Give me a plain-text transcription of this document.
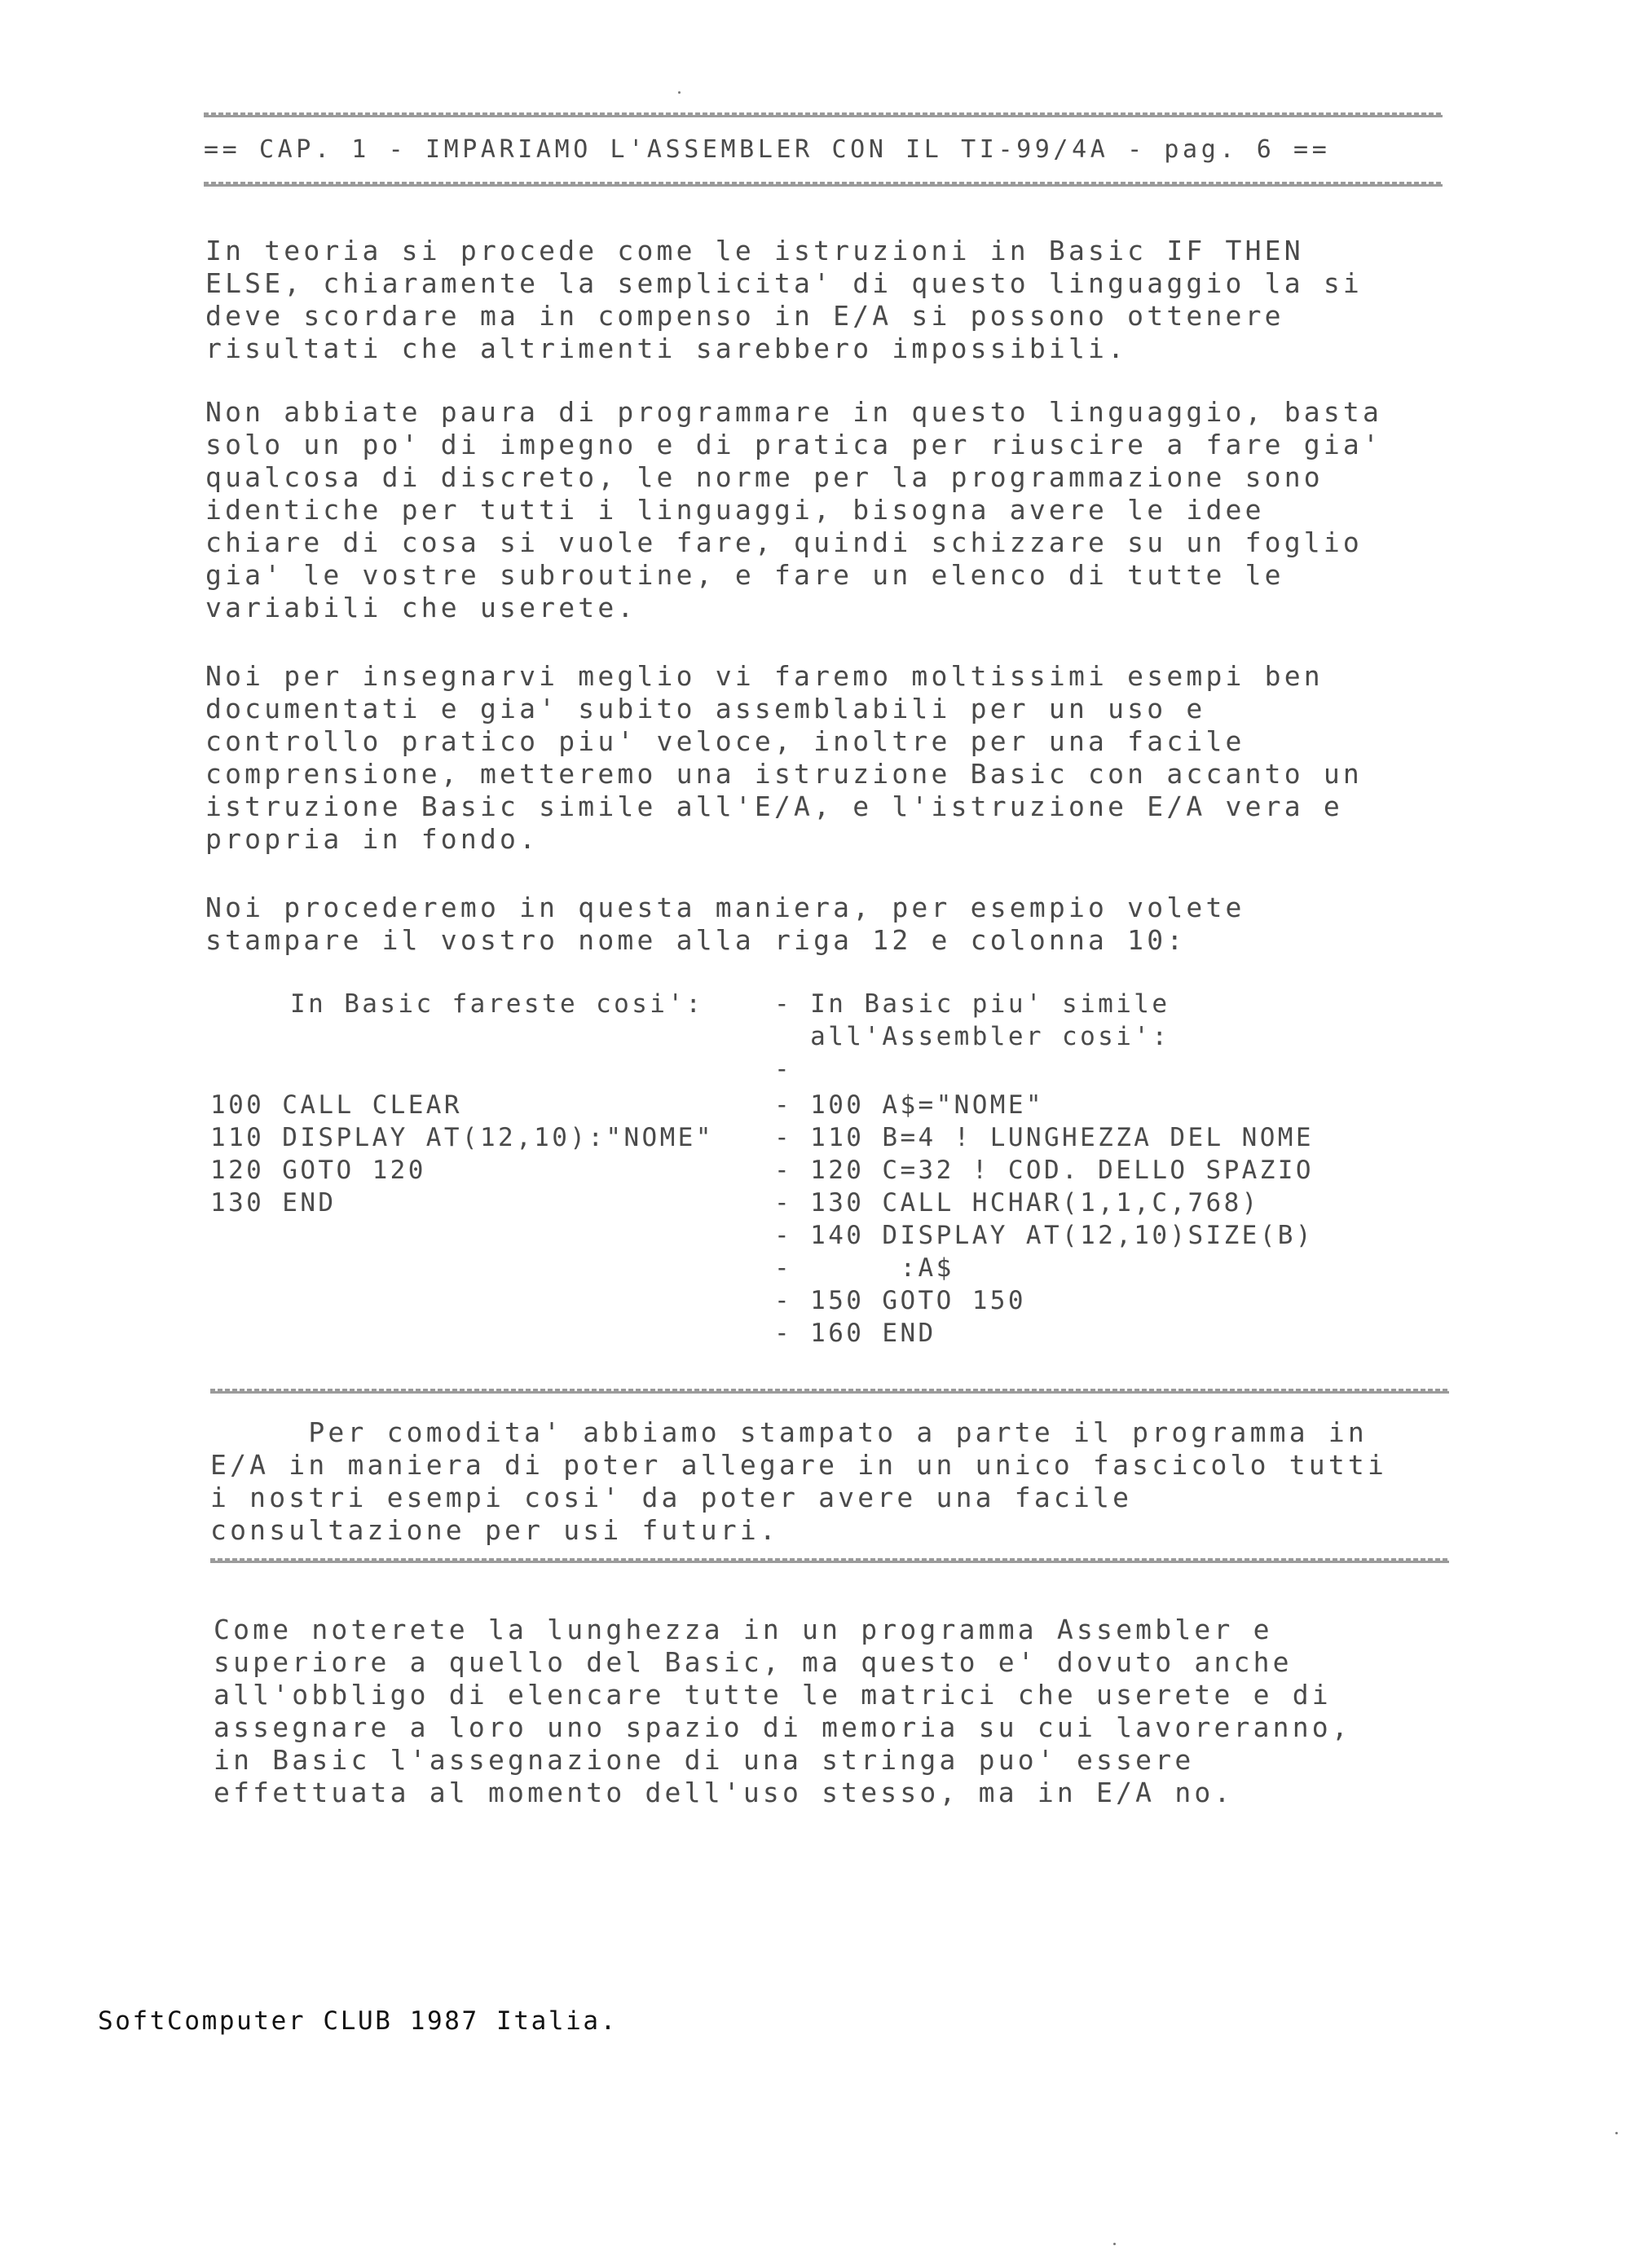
== CAP. 1 - IMPARIAMO L'ASSEMBLER CON IL TI-99/4A - pag. 6 ==
In teoria si procede come le istruzioni in Basic IF THEN
ELSE, chiaramente la semplicita' di questo linguaggio la si
deve scordare ma in compenso in E/A si possono ottenere
risultati che altrimenti sarebbero impossibili.
Non abbiate paura di programmare in questo linguaggio, basta
solo un po' di impegno e di pratica per riuscire a fare gia'
qualcosa di discreto, le norme per la programmazione sono
identiche per tutti i linguaggi, bisogna avere le idee
chiare di cosa si vuole fare, quindi schizzare su un foglio
gia' le vostre subroutine, e fare un elenco di tutte le
variabili che userete.
Noi per insegnarvi meglio vi faremo moltissimi esempi ben
documentati e gia' subito assemblabili per un uso e
controllo pratico piu' veloce, inoltre per una facile
comprensione, metteremo una istruzione Basic con accanto un
istruzione Basic simile all'E/A, e l'istruzione E/A vera e
propria in fondo.
Noi procederemo in questa maniera, per esempio volete
stampare il vostro nome alla riga 12 e colonna 10:
In Basic fareste cosi':	- In Basic piu' simile
all'Assembler cosi':
-
100 CALL CLEAR
110 DISPLAY AT(12,10):"NOME"
120 GOTO 120
130 END
- 100 A$="NOME"
- 110 B=4 ! LUNGHEZZA DEL NOME
- 120 C=32 ! COD. DELLO SPAZIO
- 130 CALL HCHAR(1,1,C,768)
- 140 DISPLAY AT(12,10)SIZE(B)
-      :A$
- 150 GOTO 150
- 160 END
Per comodita' abbiamo stampato a parte il programma in
E/A in maniera di poter allegare in un unico fascicolo tutti
i nostri esempi cosi' da poter avere una facile
consultazione per usi futuri.
Come noterete la lunghezza in un programma Assembler e
superiore a quello del Basic, ma questo e' dovuto anche
all'obbligo di elencare tutte le matrici che userete e di
assegnare a loro uno spazio di memoria su cui lavoreranno,
in Basic l'assegnazione di una stringa puo' essere
effettuata al momento dell'uso stesso, ma in E/A no.
SoftComputer CLUB 1987 Italia.
